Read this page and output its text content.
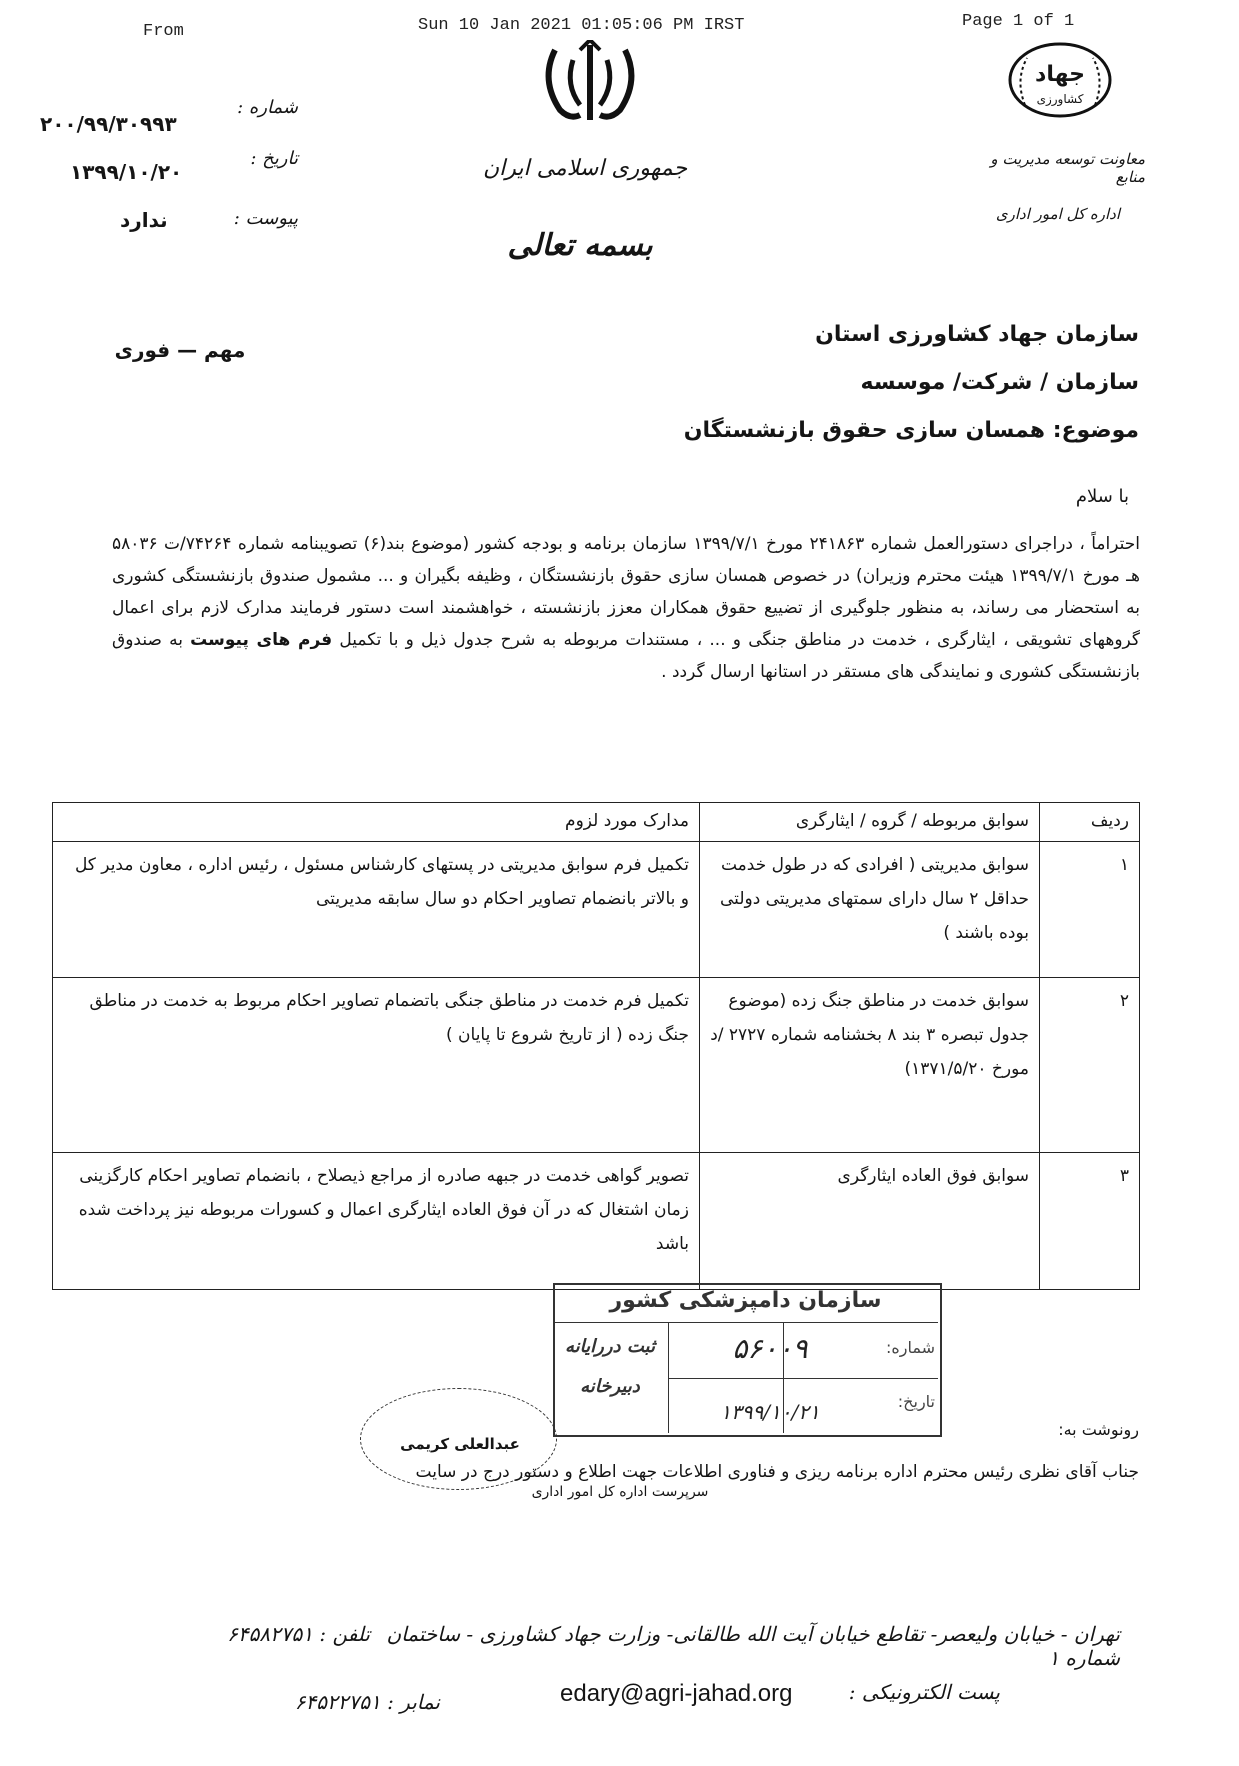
From	Sun 10 Jan 2021 01:05:06 PM IRST	Page 1 of 1
جمهوری اسلامی ایران
بسمه تعالی
جهاد
کشاورزی
معاونت توسعه مدیریت و منابع
اداره کل امور اداری
شماره :
۲۰۰/۹۹/۳۰۹۹۳
تاریخ :
۱۳۹۹/۱۰/۲۰
پیوست :
ندارد
مهم — فوری
سازمان جهاد کشاورزی استان
سازمان / شرکت/ موسسه
موضوع: همسان سازی حقوق بازنشستگان
با سلام
احتراماً ، دراجرای دستورالعمل شماره ۲۴۱۸۶۳ مورخ ۱۳۹۹/۷/۱ سازمان برنامه و بودجه کشور (موضوع بند(۶) تصویبنامه شماره ۷۴۲۶۴/ت ۵۸۰۳۶ هـ مورخ ۱۳۹۹/۷/۱ هیئت محترم وزیران) در خصوص همسان سازی حقوق بازنشستگان ، وظیفه بگیران و ... مشمول صندوق بازنشستگی کشوری به استحضار می رساند، به منظور جلوگیری از تضییع حقوق همکاران معزز بازنشسته ، خواهشمند است دستور فرمایند مدارک لازم برای اعمال گروههای تشویقی ، ایثارگری ، خدمت در مناطق جنگی و ... ، مستندات مربوطه به شرح جدول ذیل و با تکمیل فرم های پیوست به صندوق بازنشستگی کشوری و نمایندگی های مستقر در استانها ارسال گردد .
ردیف	سوابق مربوطه / گروه / ایثارگری	مدارک مورد لزوم
۱	سوابق مدیریتی ( افرادی که در طول خدمت حداقل ۲ سال دارای سمتهای مدیریتی دولتی بوده باشند )	تکمیل فرم سوابق مدیریتی در پستهای کارشناس مسئول ، رئیس اداره ، معاون مدیر کل و بالاتر بانضمام تصاویر احکام دو سال سابقه مدیریتی
۲	سوابق خدمت در مناطق جنگ زده (موضوع جدول تبصره ۳ بند ۸ بخشنامه شماره ۲۷۲۷ /د مورخ ۱۳۷۱/۵/۲۰)	تکمیل فرم خدمت در مناطق جنگی باتضمام تصاویر احکام مربوط به خدمت در مناطق جنگ زده ( از تاریخ شروع تا پایان )
۳	سوابق فوق العاده ایثارگری	تصویر گواهی خدمت در جبهه صادره از مراجع ذیصلاح ، بانضمام تصاویر احکام کارگزینی زمان اشتغال که در آن فوق العاده ایثارگری اعمال و کسورات مربوطه نیز پرداخت شده باشد
سازمان دامپزشکی کشور
ثبت دررایانه
دبیرخانه
شماره:
۵۶۰۰۹
تاریخ:
۱۳۹۹/۱۰/۲۱
عبدالعلی کریمی
رونوشت به:
جناب آقای نظری رئیس محترم اداره برنامه ریزی و فناوری اطلاعات جهت اطلاع و دستور درج در سایت
سرپرست اداره کل امور اداری
تهران - خیابان ولیعصر- تقاطع خیابان آیت الله طالقانی- وزارت جهاد کشاورزی - ساختمان شماره ۱
تلفن : ۶۴۵۸۲۷۵۱
پست الکترونیکی :
edary@agri-jahad.org
نمابر : ۶۴۵۲۲۷۵۱
